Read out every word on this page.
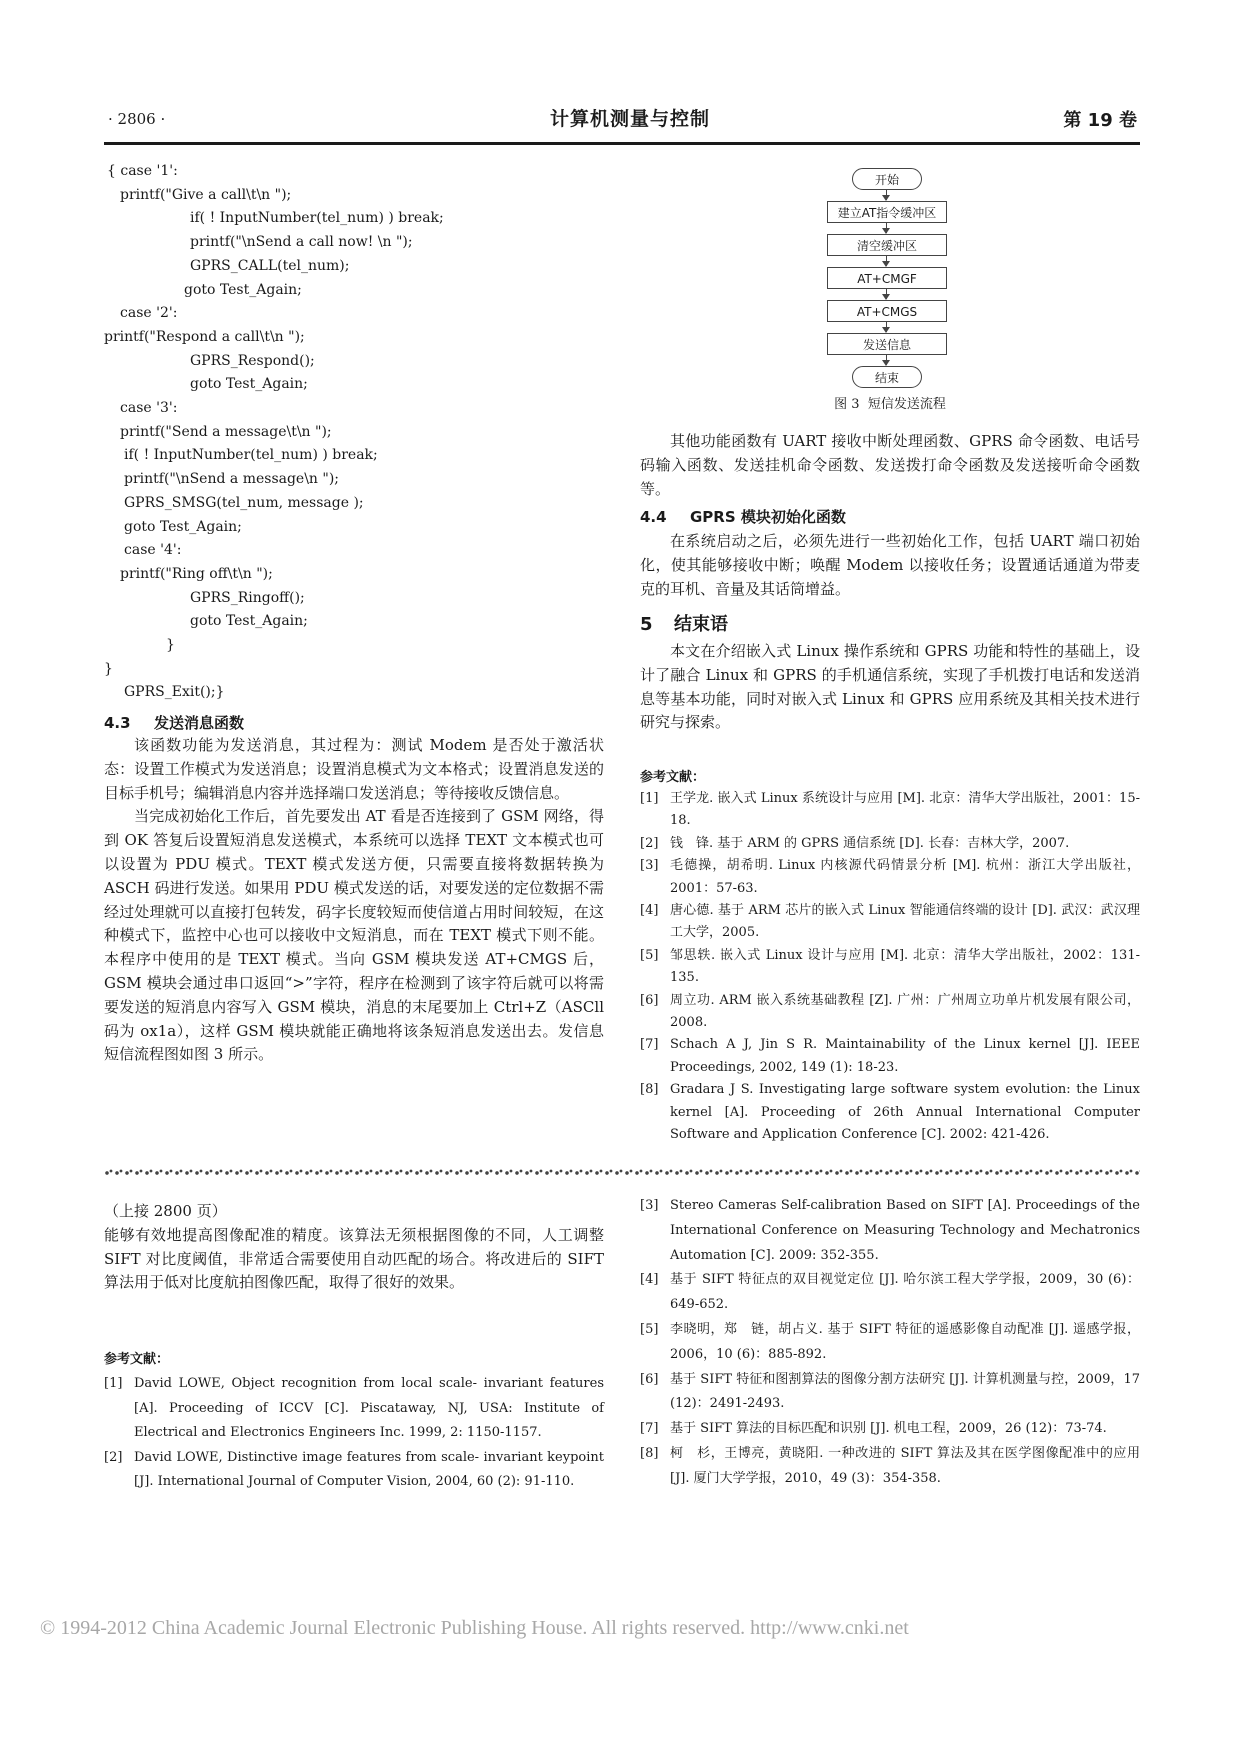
· 2806 ·	计算机测量与控制	第 19 卷
{ case '1':
printf("Give a call\t\n ");
if( ! InputNumber(tel_num) ) break;
printf("\nSend a call now! \n ");
GPRS_CALL(tel_num);
goto Test_Again;
case '2':
printf("Respond a call\t\n ");
GPRS_Respond();
goto Test_Again;
case '3':
printf("Send a message\t\n ");
if( ! InputNumber(tel_num) ) break;
printf("\nSend a message\n ");
GPRS_SMSG(tel_num, message );
goto Test_Again;
case '4':
printf("Ring off\t\n ");
GPRS_Ringoff();
goto Test_Again;
}
}
GPRS_Exit();}
4.3 发送消息函数

该函数功能为发送消息，其过程为：测试 Modem 是否处于激活状态：设置工作模式为发送消息；设置消息模式为文本格式；设置消息发送的目标手机号；编辑消息内容并选择端口发送消息；等待接收反馈信息。

当完成初始化工作后，首先要发出 AT 看是否连接到了 GSM 网络，得到 OK 答复后设置短消息发送模式，本系统可以选择 TEXT 文本模式也可以设置为 PDU 模式。TEXT 模式发送方便，只需要直接将数据转换为 ASCH 码进行发送。如果用 PDU 模式发送的话，对要发送的定位数据不需经过处理就可以直接打包转发，码字长度较短而使信道占用时间较短，在这种模式下，监控中心也可以接收中文短消息，而在 TEXT 模式下则不能。本程序中使用的是 TEXT 模式。当向 GSM 模块发送 AT+CMGS 后，GSM 模块会通过串口返回“>”字符，程序在检测到了该字符后就可以将需要发送的短消息内容写入 GSM 模块，消息的末尾要加上 Ctrl+Z（ASCll 码为 ox1a），这样 GSM 模块就能正确地将该条短消息发送出去。发信息短信流程图如图 3 所示。

开始
建立AT指令缓冲区
清空缓冲区
AT+CMGF
AT+CMGS
发送信息
结束
图 3 短信发送流程

其他功能函数有 UART 接收中断处理函数、GPRS 命令函数、电话号码输入函数、发送挂机命令函数、发送拨打命令函数及发送接听命令函数等。

4.4 GPRS 模块初始化函数

在系统启动之后，必须先进行一些初始化工作，包括 UART 端口初始化，使其能够接收中断；唤醒 Modem 以接收任务；设置通话通道为带麦克的耳机、音量及其话筒增益。

5 结束语

本文在介绍嵌入式 Linux 操作系统和 GPRS 功能和特性的基础上，设计了融合 Linux 和 GPRS 的手机通信系统，实现了手机拨打电话和发送消息等基本功能，同时对嵌入式 Linux 和 GPRS 应用系统及其相关技术进行研究与探索。

参考文献：
[1] 王学龙. 嵌入式 Linux 系统设计与应用 [M]. 北京：清华大学出版社，2001：15-18.
[2] 钱　锋. 基于 ARM 的 GPRS 通信系统 [D]. 长春：吉林大学，2007.
[3] 毛德操，胡希明. Linux 内核源代码情景分析 [M]. 杭州：浙江大学出版社，2001：57-63.
[4] 唐心德. 基于 ARM 芯片的嵌入式 Linux 智能通信终端的设计 [D]. 武汉：武汉理工大学，2005.
[5] 邹思轶. 嵌入式 Linux 设计与应用 [M]. 北京：清华大学出版社，2002：131-135.
[6] 周立功. ARM 嵌入系统基础教程 [Z]. 广州：广州周立功单片机发展有限公司，2008.
[7] Schach A J, Jin S R. Maintainability of the Linux kernel [J]. IEEE Proceedings, 2002, 149 (1): 18-23.
[8] Gradara J S. Investigating large software system evolution: the Linux kernel [A]. Proceeding of 26th Annual International Computer Software and Application Conference [C]. 2002: 421-426.
（上接 2800 页）
能够有效地提高图像配准的精度。该算法无须根据图像的不同，人工调整 SIFT 对比度阈值，非常适合需要使用自动匹配的场合。将改进后的 SIFT 算法用于低对比度航拍图像匹配，取得了很好的效果。
参考文献：
[1] David LOWE, Object recognition from local scale- invariant features [A]. Proceeding of ICCV [C]. Piscataway, NJ, USA: Institute of Electrical and Electronics Engineers Inc. 1999, 2: 1150-1157.
[2] David LOWE, Distinctive image features from scale- invariant keypoint [J]. International Journal of Computer Vision, 2004, 60 (2): 91-110.
[3] Stereo Cameras Self-calibration Based on SIFT [A]. Proceedings of the International Conference on Measuring Technology and Mechatronics Automation [C]. 2009: 352-355.
[4] 基于 SIFT 特征点的双目视觉定位 [J]. 哈尔滨工程大学学报，2009，30 (6)：649-652.
[5] 李晓明，郑　链，胡占义. 基于 SIFT 特征的遥感影像自动配准 [J]. 遥感学报，2006，10 (6)：885-892.
[6] 基于 SIFT 特征和图割算法的图像分割方法研究 [J]. 计算机测量与控，2009，17 (12)：2491-2493.
[7] 基于 SIFT 算法的目标匹配和识别 [J]. 机电工程，2009，26 (12)：73-74.
[8] 柯　杉，王博亮，黄晓阳. 一种改进的 SIFT 算法及其在医学图像配准中的应用 [J]. 厦门大学学报，2010，49 (3)：354-358.
© 1994-2012 China Academic Journal Electronic Publishing House. All rights reserved. http://www.cnki.net
